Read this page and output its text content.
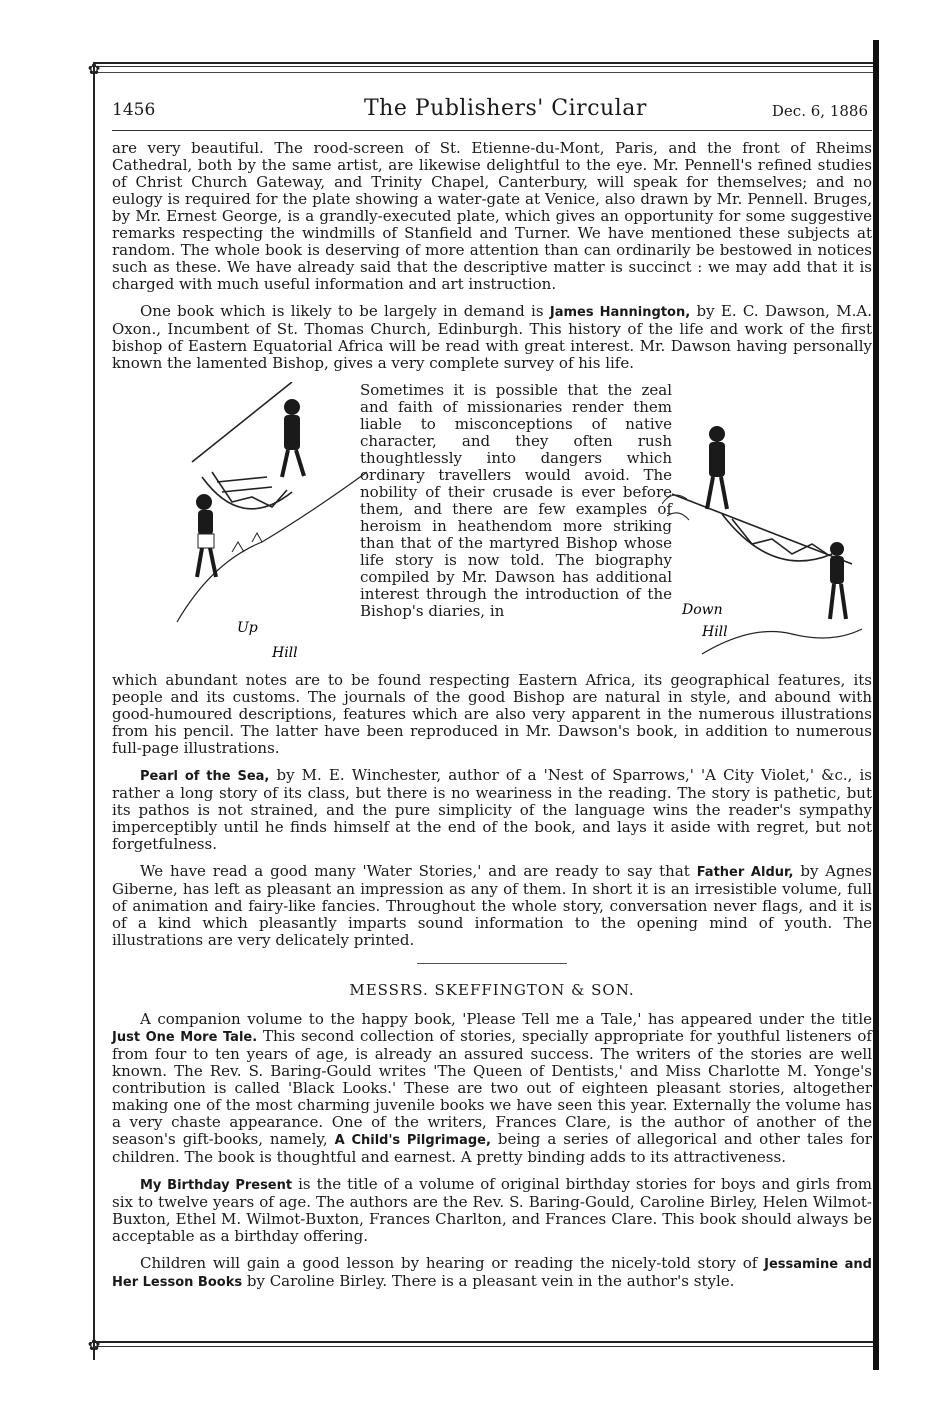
✿
✿
1456	The Publishers' Circular	Dec. 6, 1886

are very beautiful. The rood-screen of St. Etienne-du-Mont, Paris, and the front of Rheims Cathedral, both by the same artist, are likewise delightful to the eye. Mr. Pennell's refined studies of Christ Church Gateway, and Trinity Chapel, Canterbury, will speak for themselves; and no eulogy is required for the plate showing a water-gate at Venice, also drawn by Mr. Pennell. Bruges, by Mr. Ernest George, is a grandly-executed plate, which gives an opportunity for some suggestive remarks respecting the windmills of Stanfield and Turner. We have mentioned these subjects at random. The whole book is deserving of more attention than can ordinarily be bestowed in notices such as these. We have already said that the descriptive matter is succinct : we may add that it is charged with much useful information and art instruction.

One book which is likely to be largely in demand is James Hannington, by E. C. Dawson, M.A. Oxon., Incumbent of St. Thomas Church, Edinburgh. This history of the life and work of the first bishop of Eastern Equatorial Africa will be read with great interest. Mr. Dawson having personally known the lamented Bishop, gives a very complete survey of his life.

Up
Hill
Sometimes it is possible that the zeal and faith of missionaries render them liable to misconceptions of native character, and they often rush thoughtlessly into dangers which ordinary travellers would avoid. The nobility of their crusade is ever before them, and there are few examples of heroism in heathendom more striking than that of the martyred Bishop whose life story is now told. The biography compiled by Mr. Dawson has additional interest through the introduction of the Bishop's diaries, in	Down
Hill

which abundant notes are to be found respecting Eastern Africa, its geographical features, its people and its customs. The journals of the good Bishop are natural in style, and abound with good-humoured descriptions, features which are also very apparent in the numerous illustrations from his pencil. The latter have been reproduced in Mr. Dawson's book, in addition to numerous full-page illustrations.

Pearl of the Sea, by M. E. Winchester, author of a 'Nest of Sparrows,' 'A City Violet,' &c., is rather a long story of its class, but there is no weariness in the reading. The story is pathetic, but its pathos is not strained, and the pure simplicity of the language wins the reader's sympathy imperceptibly until he finds himself at the end of the book, and lays it aside with regret, but not forgetfulness.

We have read a good many 'Water Stories,' and are ready to say that Father Aldur, by Agnes Giberne, has left as pleasant an impression as any of them. In short it is an irresistible volume, full of animation and fairy-like fancies. Throughout the whole story, conversation never flags, and it is of a kind which pleasantly imparts sound information to the opening mind of youth. The illustrations are very delicately printed.

MESSRS. SKEFFINGTON & SON.

A companion volume to the happy book, 'Please Tell me a Tale,' has appeared under the title Just One More Tale. This second collection of stories, specially appropriate for youthful listeners of from four to ten years of age, is already an assured success. The writers of the stories are well known. The Rev. S. Baring-Gould writes 'The Queen of Dentists,' and Miss Charlotte M. Yonge's contribution is called 'Black Looks.' These are two out of eighteen pleasant stories, altogether making one of the most charming juvenile books we have seen this year. Externally the volume has a very chaste appearance. One of the writers, Frances Clare, is the author of another of the season's gift-books, namely, A Child's Pilgrimage, being a series of allegorical and other tales for children. The book is thoughtful and earnest. A pretty binding adds to its attractiveness.

My Birthday Present is the title of a volume of original birthday stories for boys and girls from six to twelve years of age. The authors are the Rev. S. Baring-Gould, Caroline Birley, Helen Wilmot-Buxton, Ethel M. Wilmot-Buxton, Frances Charlton, and Frances Clare. This book should always be acceptable as a birthday offering.

Children will gain a good lesson by hearing or reading the nicely-told story of Jessamine and Her Lesson Books by Caroline Birley. There is a pleasant vein in the author's style.
